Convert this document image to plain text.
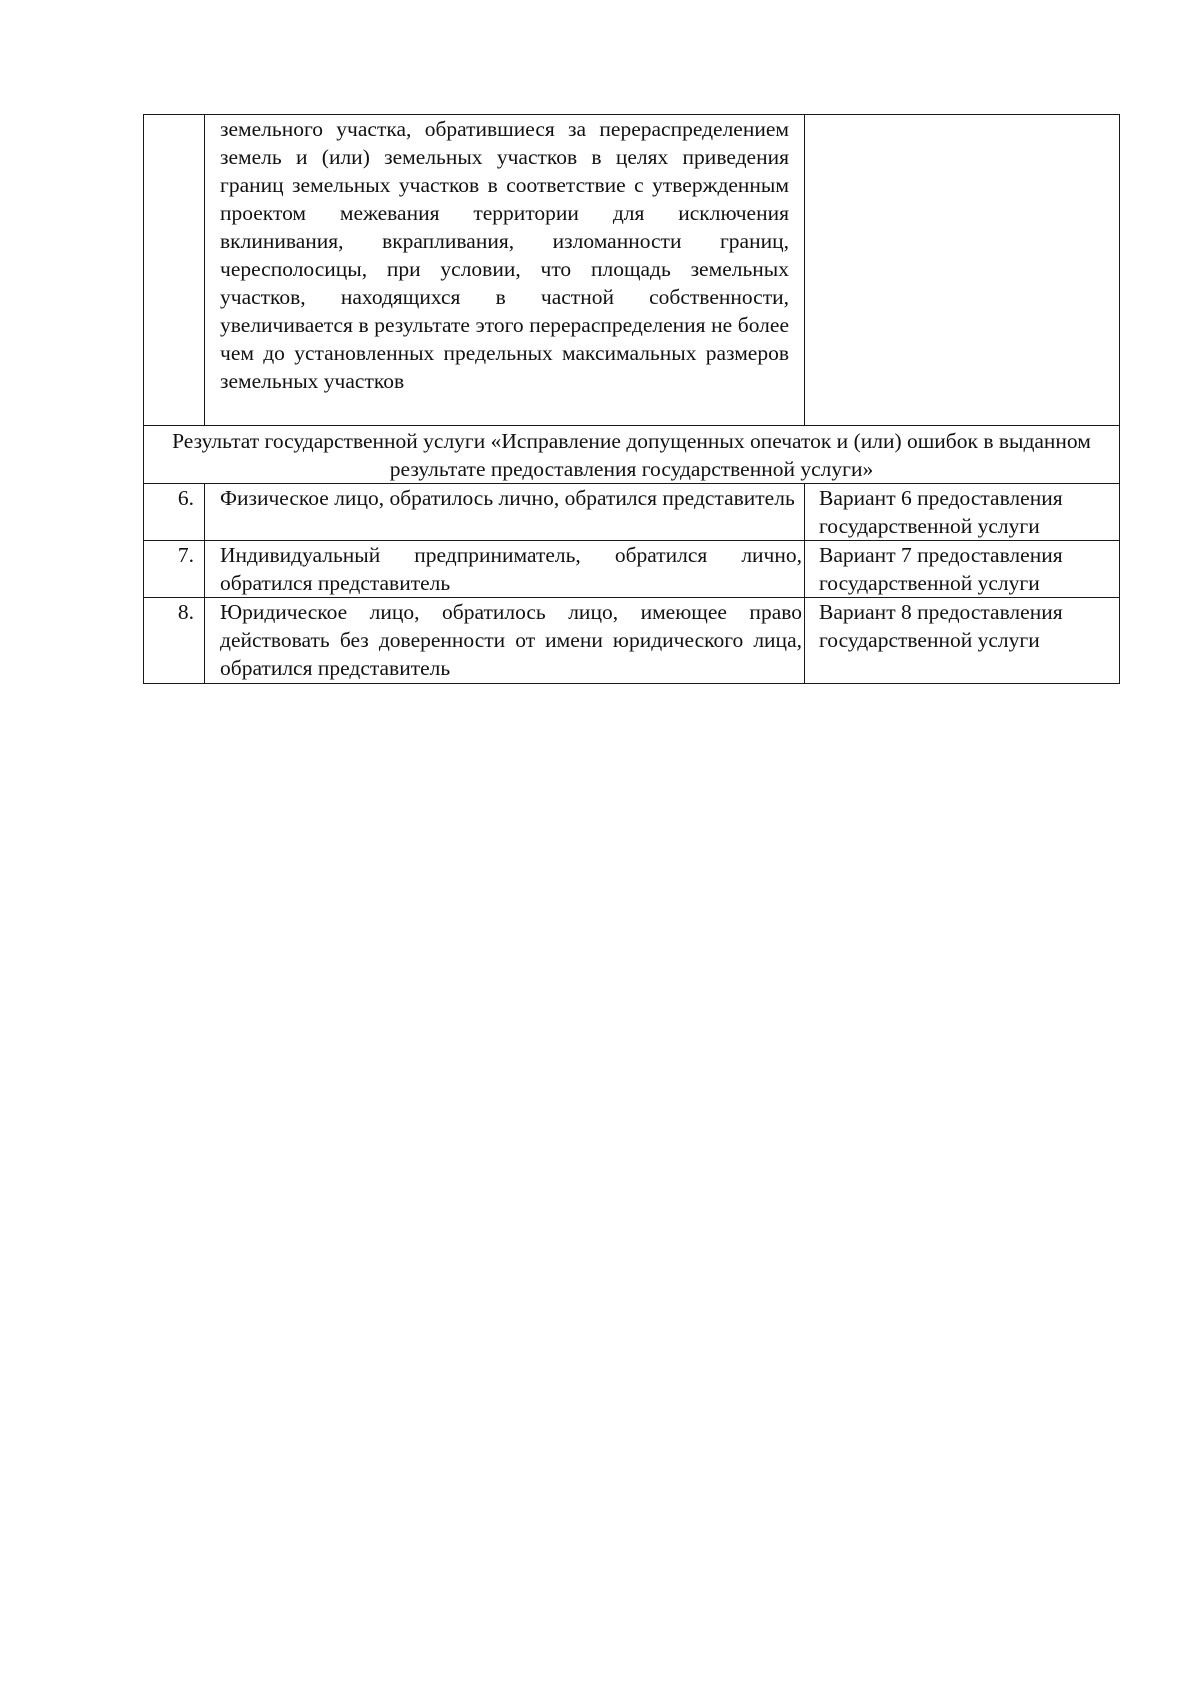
	земельного участка, обратившиеся за перераспределением земель и (или) земельных участков в целях приведения границ земельных участков в соответствие с утвержденным проектом межевания территории для исключения вклинивания, вкрапливания, изломанности границ, чересполосицы, при условии, что площадь земельных участков, находящихся в частной собственности, увеличивается в результате этого перераспределения не более чем до установленных предельных максимальных размеров земельных участков	

Результат государственной услуги «Исправление допущенных опечаток и (или) ошибок в выданном результате предоставления государственной услуги»		
6.	Физическое лицо, обратилось лично, обратился представитель	Вариант 6 предоставления государственной услуги
7.	Индивидуальный предприниматель, обратился лично, обратился представитель	Вариант 7 предоставления государственной услуги
8.	Юридическое лицо, обратилось лицо, имеющее право действовать без доверенности от имени юридического лица, обратился представитель	Вариант 8 предоставления государственной услуги
